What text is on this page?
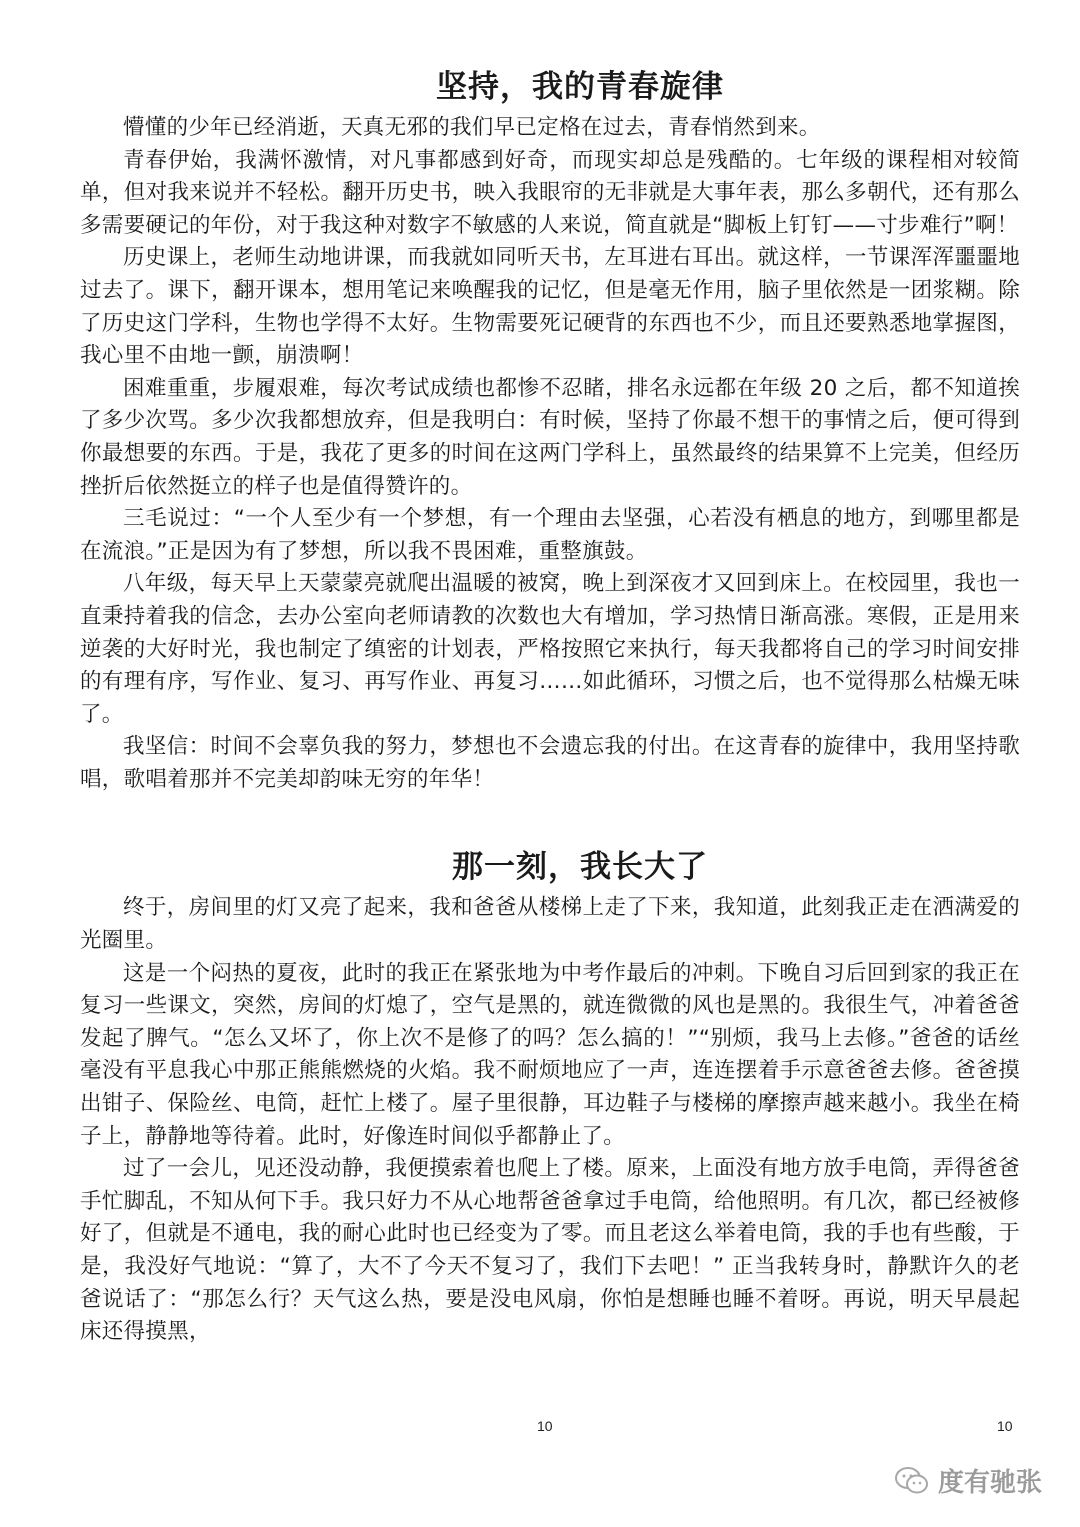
坚持，我的青春旋律

懵懂的少年已经消逝，天真无邪的我们早已定格在过去，青春悄然到来。

青春伊始，我满怀激情，对凡事都感到好奇，而现实却总是残酷的。七年级的课程相对较简单，但对我来说并不轻松。翻开历史书，映入我眼帘的无非就是大事年表，那么多朝代，还有那么多需要硬记的年份，对于我这种对数字不敏感的人来说，简直就是“脚板上钉钉——寸步难行”啊！

历史课上，老师生动地讲课，而我就如同听天书，左耳进右耳出。就这样，一节课浑浑噩噩地过去了。课下，翻开课本，想用笔记来唤醒我的记忆，但是毫无作用，脑子里依然是一团浆糊。除了历史这门学科，生物也学得不太好。生物需要死记硬背的东西也不少，而且还要熟悉地掌握图，我心里不由地一颤，崩溃啊！

困难重重，步履艰难，每次考试成绩也都惨不忍睹，排名永远都在年级 20 之后，都不知道挨了多少次骂。多少次我都想放弃，但是我明白：有时候，坚持了你最不想干的事情之后，便可得到你最想要的东西。于是，我花了更多的时间在这两门学科上，虽然最终的结果算不上完美，但经历挫折后依然挺立的样子也是值得赞许的。

三毛说过：“一个人至少有一个梦想，有一个理由去坚强，心若没有栖息的地方，到哪里都是在流浪。”正是因为有了梦想，所以我不畏困难，重整旗鼓。

八年级，每天早上天蒙蒙亮就爬出温暖的被窝，晚上到深夜才又回到床上。在校园里，我也一直秉持着我的信念，去办公室向老师请教的次数也大有增加，学习热情日渐高涨。寒假，正是用来逆袭的大好时光，我也制定了缜密的计划表，严格按照它来执行，每天我都将自己的学习时间安排的有理有序，写作业、复习、再写作业、再复习……如此循环，习惯之后，也不觉得那么枯燥无味了。

我坚信：时间不会辜负我的努力，梦想也不会遗忘我的付出。在这青春的旋律中，我用坚持歌唱，歌唱着那并不完美却韵味无穷的年华！

那一刻，我长大了

终于，房间里的灯又亮了起来，我和爸爸从楼梯上走了下来，我知道，此刻我正走在洒满爱的光圈里。

这是一个闷热的夏夜，此时的我正在紧张地为中考作最后的冲刺。下晚自习后回到家的我正在复习一些课文，突然，房间的灯熄了，空气是黑的，就连微微的风也是黑的。我很生气，冲着爸爸发起了脾气。“怎么又坏了，你上次不是修了的吗？怎么搞的！”“别烦，我马上去修。”爸爸的话丝毫没有平息我心中那正熊熊燃烧的火焰。我不耐烦地应了一声，连连摆着手示意爸爸去修。爸爸摸出钳子、保险丝、电筒，赶忙上楼了。屋子里很静，耳边鞋子与楼梯的摩擦声越来越小。我坐在椅子上，静静地等待着。此时，好像连时间似乎都静止了。

过了一会儿，见还没动静，我便摸索着也爬上了楼。原来，上面没有地方放手电筒，弄得爸爸手忙脚乱，不知从何下手。我只好力不从心地帮爸爸拿过手电筒，给他照明。有几次，都已经被修好了，但就是不通电，我的耐心此时也已经变为了零。而且老这么举着电筒，我的手也有些酸，于是，我没好气地说：“算了，大不了今天不复习了，我们下去吧！” 正当我转身时，静默许久的老爸说话了：“那怎么行？天气这么热，要是没电风扇，你怕是想睡也睡不着呀。再说，明天早晨起床还得摸黑，

10	10
度有驰张
